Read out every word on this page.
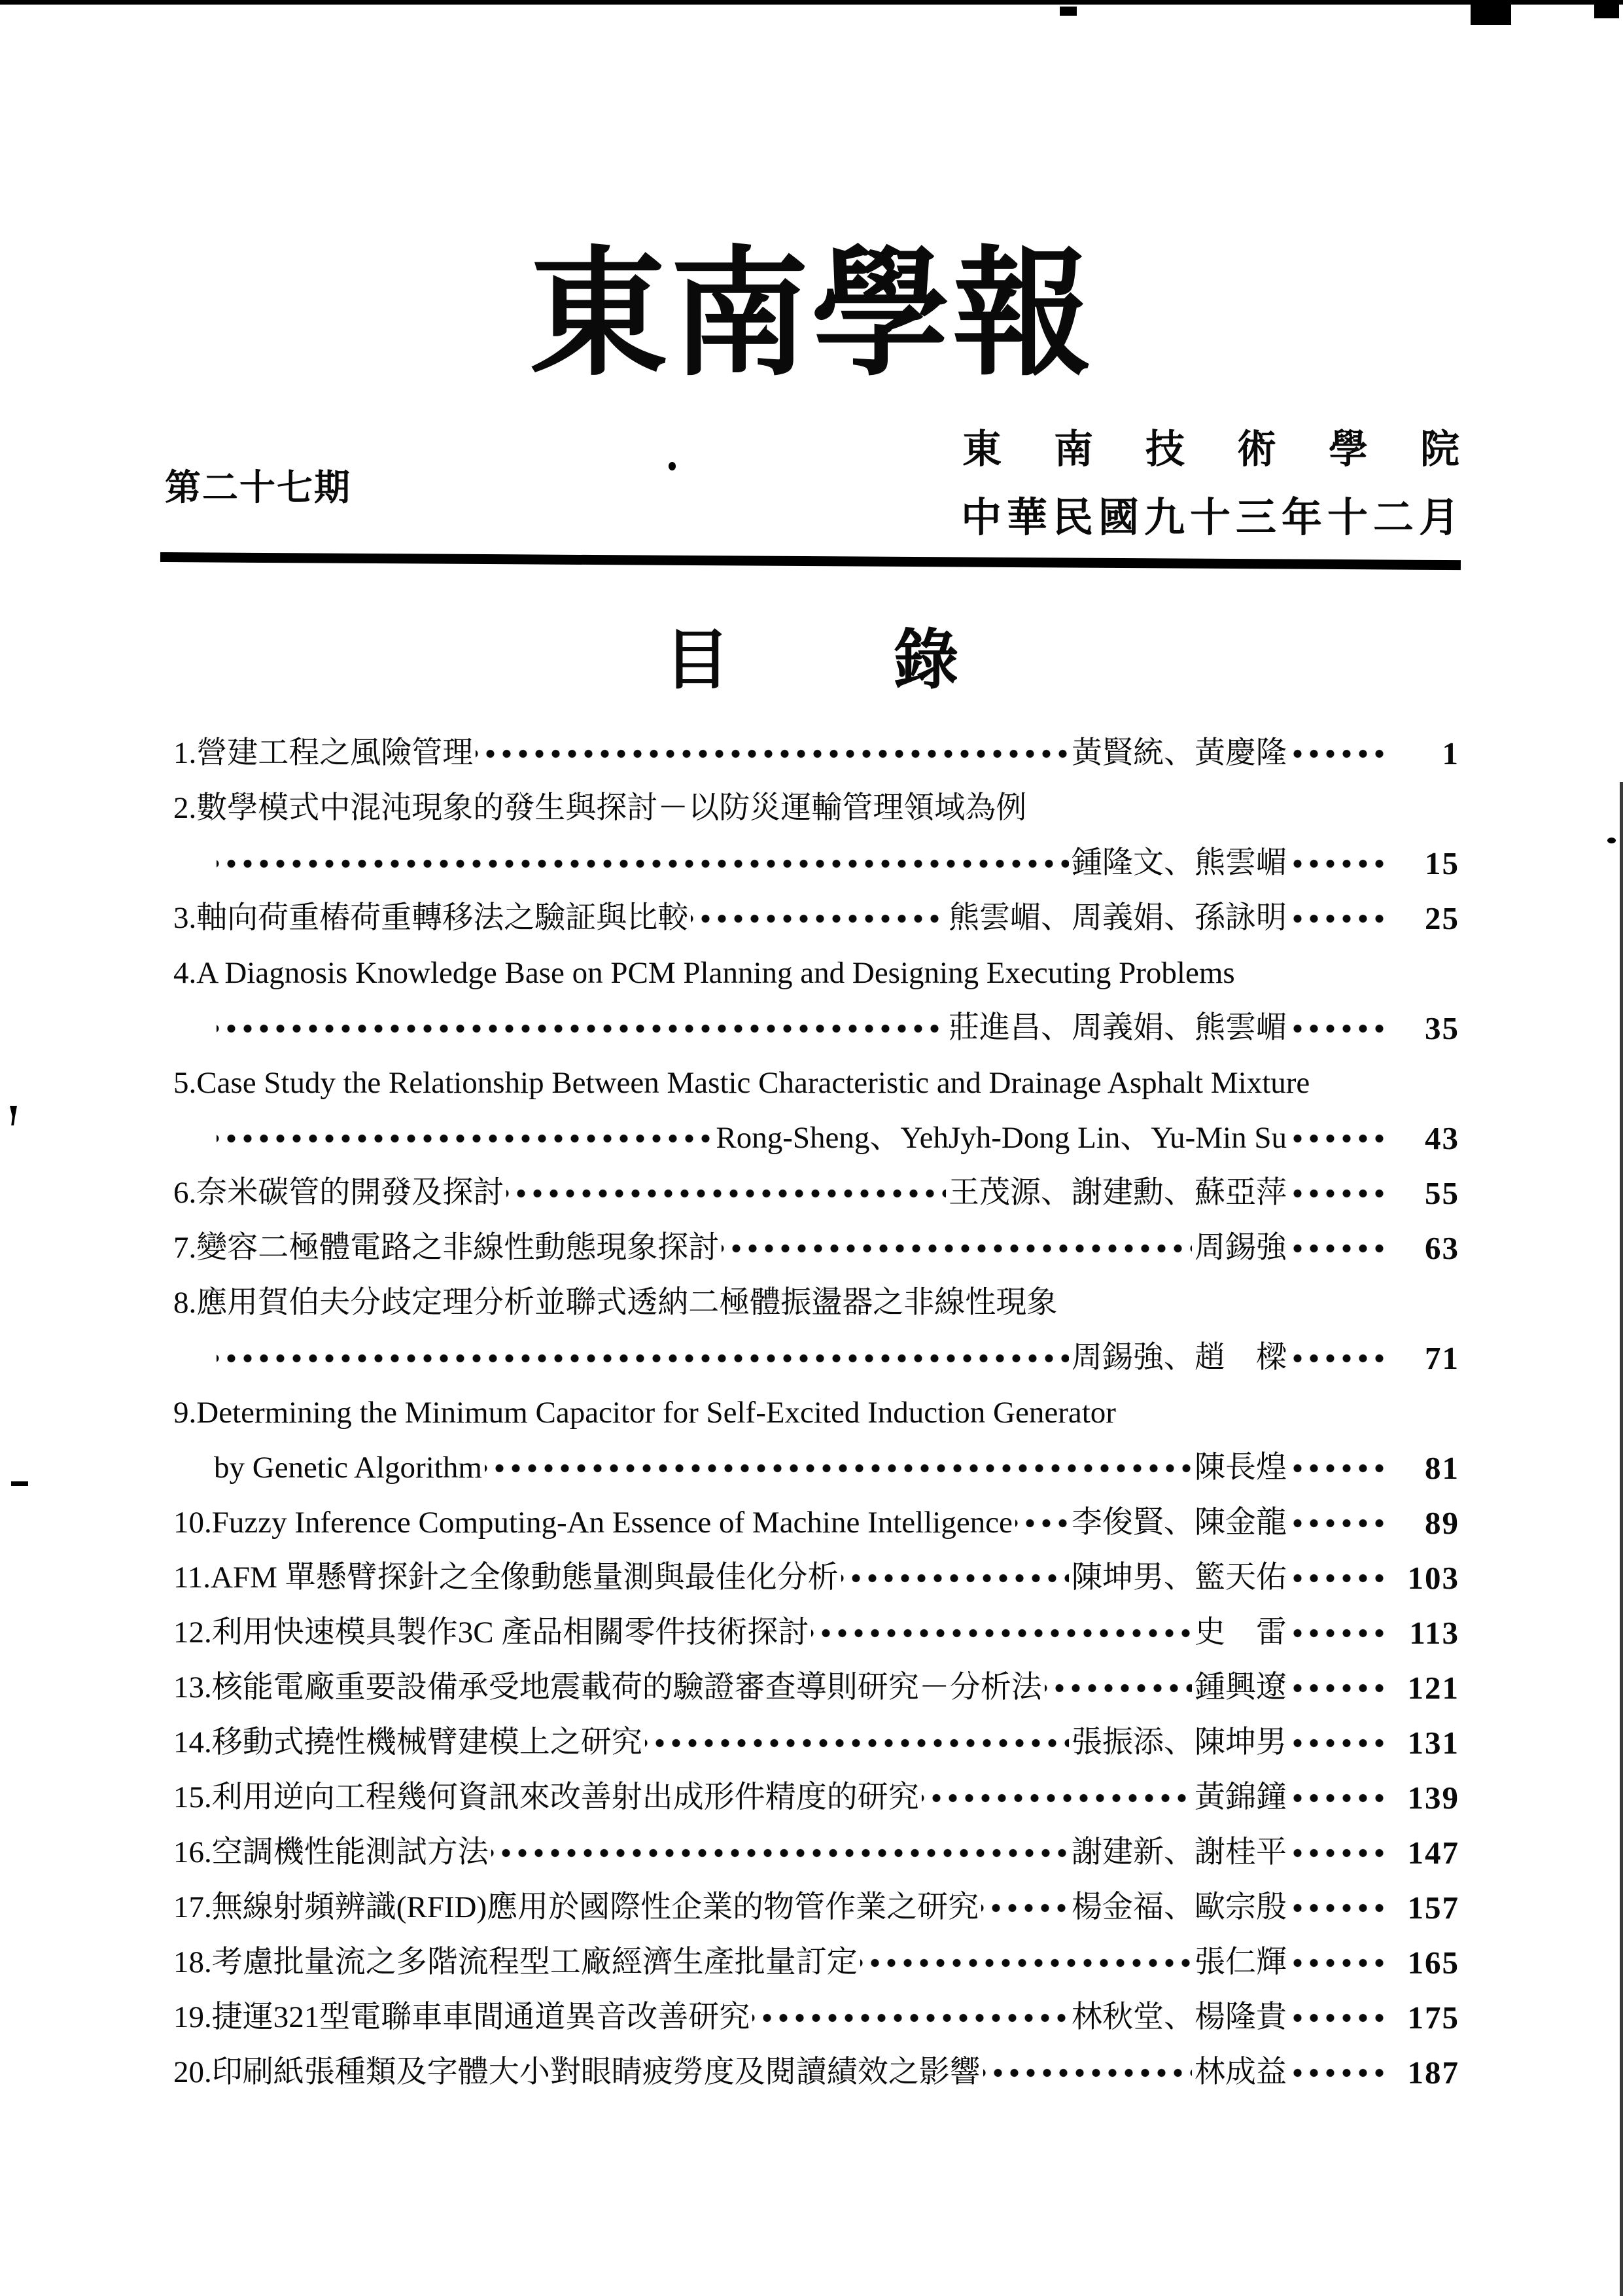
東南學報
第二十七期
東南技術學院
中華民國九十三年十二月
目	錄
1.營建工程之風險管理	黃賢統、黃慶隆	1
2.數學模式中混沌現象的發生與探討－以防災運輸管理領域為例
鍾隆文、熊雲嵋	15
3.軸向荷重樁荷重轉移法之驗証與比較	熊雲嵋、周義娟、孫詠明	25
4.A Diagnosis Knowledge Base on PCM Planning and Designing Executing Problems
莊進昌、周義娟、熊雲嵋	35
5.Case Study the Relationship Between Mastic Characteristic and Drainage Asphalt Mixture
Rong-Sheng、YehJyh-Dong Lin、Yu-Min Su	43
6.奈米碳管的開發及探討	王茂源、謝建勳、蘇亞萍	55
7.變容二極體電路之非線性動態現象探討	周錫強	63
8.應用賀伯夫分歧定理分析並聯式透納二極體振盪器之非線性現象
周錫強、趙　樑	71
9.Determining the Minimum Capacitor for Self-Excited Induction Generator
by Genetic Algorithm	陳長煌	81
10.Fuzzy Inference Computing-An Essence of Machine Intelligence 李俊賢、陳金龍	89
11.AFM 單懸臂探針之全像動態量測與最佳化分析	陳坤男、籃天佑	103
12.利用快速模具製作3C 產品相關零件技術探討	史　雷	113
13.核能電廠重要設備承受地震載荷的驗證審查導則研究－分析法	鍾興遼	121
14.移動式撓性機械臂建模上之研究	張振添、陳坤男	131
15.利用逆向工程幾何資訊來改善射出成形件精度的研究	黃錦鐘	139
16.空調機性能測試方法	謝建新、謝桂平	147
17.無線射頻辨識(RFID)應用於國際性企業的物管作業之研究	楊金福、歐宗殷	157
18.考慮批量流之多階流程型工廠經濟生產批量訂定	張仁輝	165
19.捷運321型電聯車車間通道異音改善研究	林秋堂、楊隆貴	175
20.印刷紙張種類及字體大小對眼睛疲勞度及閱讀績效之影響	林成益	187
